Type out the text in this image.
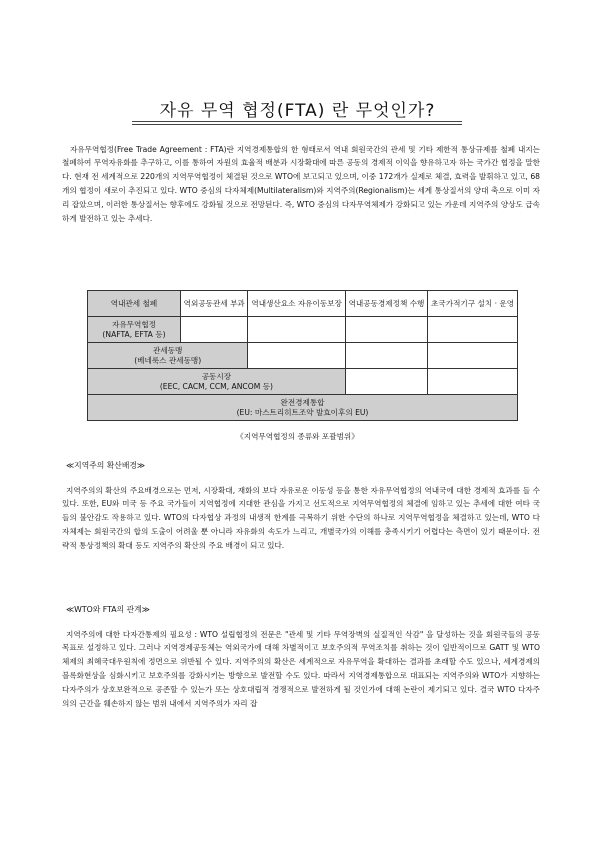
자유 무역 협정(FTA) 란 무엇인가?

자유무역협정(Free Trade Agreement : FTA)란 지역경제통합의 한 형태로서 역내 회원국간의 관세 및 기타 제한적 통상규제를 철폐 내지는 철폐하여 무역자유화를 추구하고, 이를 통하여 자원의 효율적 배분과 시장확대에 따른 공동의 경제적 이익을 향유하고자 하는 국가간 협정을 말한다. 현재 전 세계적으로 220개의 지역무역협정이 체결된 것으로 WTO에 보고되고 있으며, 이중 172개가 실제로 체결, 효력을 발휘하고 있고, 68개의 협정이 새로이 추진되고 있다. WTO 중심의 다자체제(Multilateralism)와 지역주의(Regionalism)는 세계 통상질서의 양대 축으로 이미 자리 잡았으며, 이러한 통상질서는 향후에도 강화될 것으로 전망된다. 즉, WTO 중심의 다자무역체제가 강화되고 있는 가운데 지역주의 양상도 급속하게 발전하고 있는 추세다.

역내관세 철폐	역외공동관세 부과	역내생산요소 자유이동보장	역내공동경제정책 수행	초국가적기구 설치 · 운영

자유무역협정
(NAFTA, EFTA 등)				

관세동맹
(베네룩스 관세동맹)				

공동시장
(EEC, CACM, CCM, ANCOM 등)				

완전경제통합
(EU: 마스트리히트조약 발효이후의 EU)				
《지역무역협정의 종류와 포괄범위》
≪지역주의 확산배경≫

지역주의의 확산의 주요배경으로는 먼저, 시장확대, 재화의 보다 자유로운 이동성 등을 통한 자유무역협정의 역내국에 대한 경제적 효과를 들 수 있다. 또한, EU와 미국 등 주요 국가들이 지역협정에 지대한 관심을 가지고 선도적으로 지역무역협정의 체결에 임하고 있는 추세에 대한 여타 국들의 불안감도 작용하고 있다. WTO의 다자협상 과정의 내생적 한계를 극복하기 위한 수단의 하나로 지역무역협정을 체결하고 있는데, WTO 다자체제는 회원국간의 합의 도출이 어려울 뿐 아니라 자유화의 속도가 느리고, 개별국가의 이해를 충족시키기 어렵다는 측면이 있기 때문이다. 전략적 통상정책의 확대 등도 지역주의 확산의 주요 배경이 되고 있다.

≪WTO와 FTA의 관계≫

지역주의에 대한 다자간통제의 필요성 : WTO 설립협정의 전문은 "관세 및 기타 무역장벽의 실질적인 삭감" 을 달성하는 것을 회원국들의 공동목표로 설정하고 있다. 그러나 지역경제공동체는 역외국가에 대해 차별적이고 보호주의적 무역조치를 취하는 것이 일반적이므로 GATT 및 WTO 체제의 최혜국대우원칙에 정면으로 위반될 수 있다. 지역주의의 확산은 세계적으로 자유무역을 확대하는 결과를 초래할 수도 있으나, 세계경제의 블록화현상을 심화시키고 보호주의를 강화시키는 방향으로 발전할 수도 있다. 따라서 지역경제통합으로 대표되는 지역주의와 WTO가 지향하는 다자주의가 상호보완적으로 공존할 수 있는가 또는 상호대립적 경쟁적으로 발전하게 될 것인가에 대해 논란이 제기되고 있다. 결국 WTO 다자주의의 근간을 훼손하지 않는 범위 내에서 지역주의가 자리 잡
